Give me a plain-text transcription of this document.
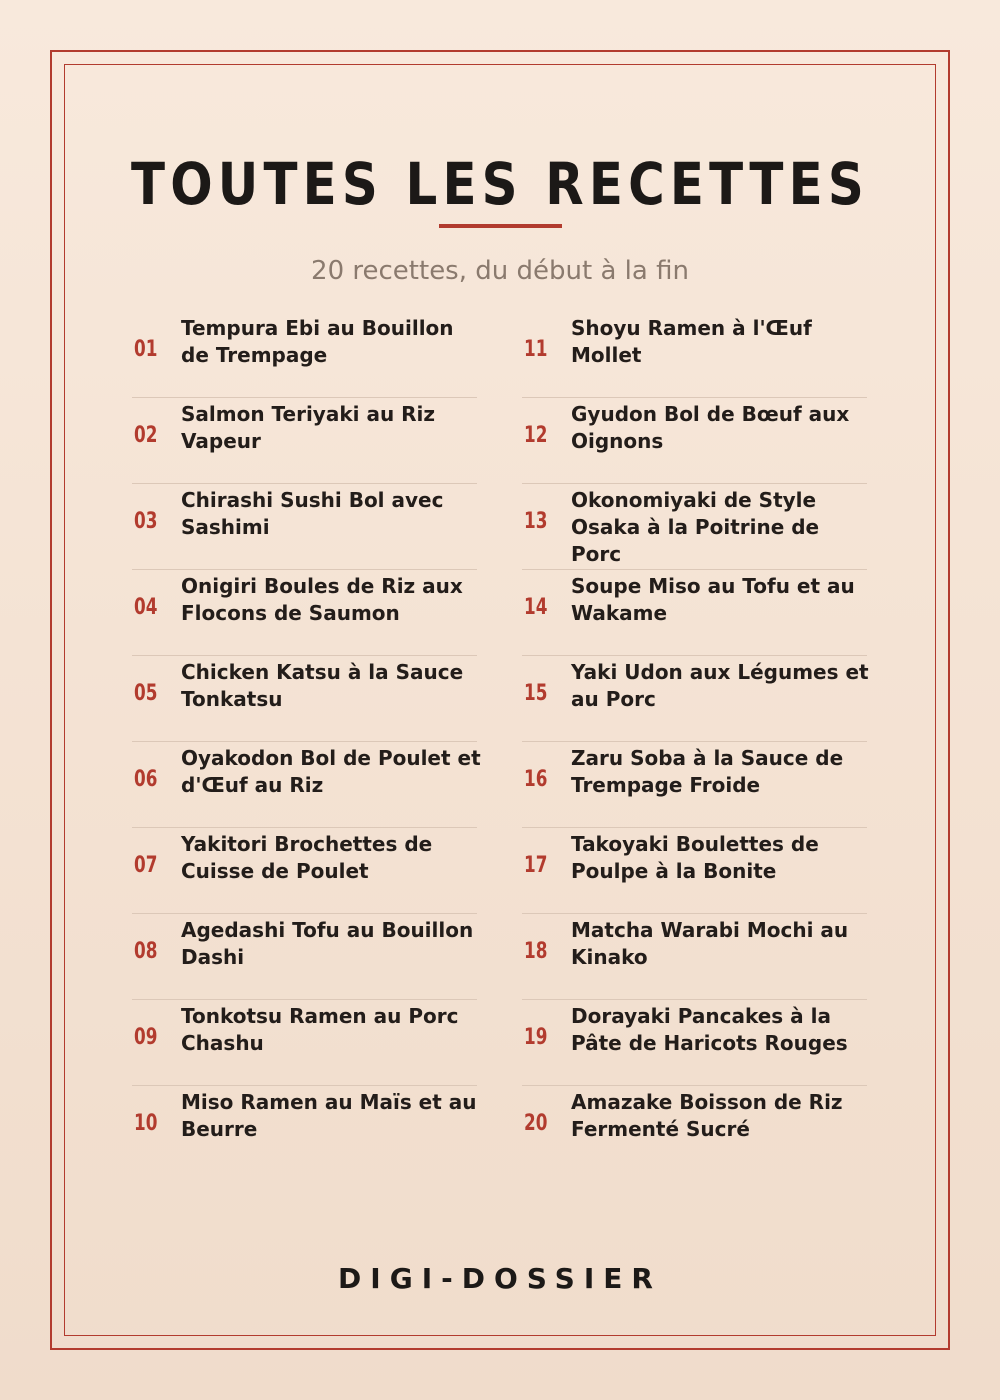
TOUTES LES RECETTES

20 recettes, du début à la fin

01
Tempura Ebi au Bouillon
de Trempage
02
Salmon Teriyaki au Riz
Vapeur
03
Chirashi Sushi Bol avec
Sashimi
04
Onigiri Boules de Riz aux
Flocons de Saumon
05
Chicken Katsu à la Sauce
Tonkatsu
06
Oyakodon Bol de Poulet et
d'Œuf au Riz
07
Yakitori Brochettes de
Cuisse de Poulet
08
Agedashi Tofu au Bouillon
Dashi
09
Tonkotsu Ramen au Porc
Chashu
10
Miso Ramen au Maïs et au
Beurre
11
Shoyu Ramen à l'Œuf
Mollet
12
Gyudon Bol de Bœuf aux
Oignons
13
Okonomiyaki de Style
Osaka à la Poitrine de Porc
14
Soupe Miso au Tofu et au
Wakame
15
Yaki Udon aux Légumes et
au Porc
16
Zaru Soba à la Sauce de
Trempage Froide
17
Takoyaki Boulettes de
Poulpe à la Bonite
18
Matcha Warabi Mochi au
Kinako
19
Dorayaki Pancakes à la
Pâte de Haricots Rouges
20
Amazake Boisson de Riz
Fermenté Sucré

DIGI-DOSSIER
